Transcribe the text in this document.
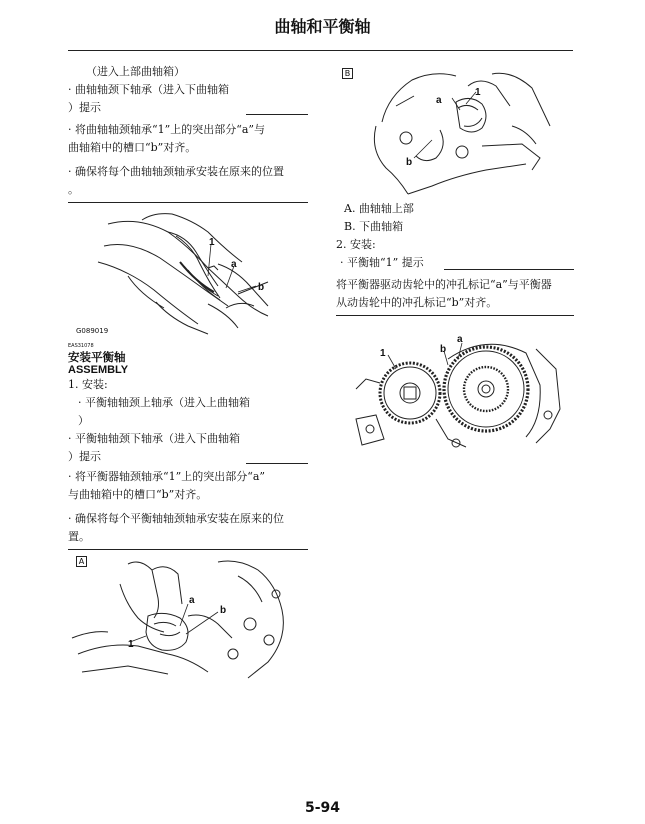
曲轴和平衡轴
（进入上部曲轴箱）
· 曲轴轴颈下轴承（进入下曲轴箱
）提示
· 将曲轴轴颈轴承“1”上的突出部分“a”与
曲轴箱中的槽口“b”对齐。
· 确保将每个曲轴轴颈轴承安装在原来的位置
。
1
a
b
G089019
EAS31078
安装平衡轴
ASSEMBLY
1. 安装:
· 平衡轴轴颈上轴承（进入上曲轴箱
）
· 平衡轴轴颈下轴承（进入下曲轴箱
）提示
· 将平衡器轴颈轴承“1”上的突出部分“a”
与曲轴箱中的槽口“b”对齐。
· 确保将每个平衡轴轴颈轴承安装在原来的位
置。
A
1
a
b
B
a
1
b
A. 曲轴轴上部
B. 下曲轴箱
2. 安装:
· 平衡轴“1” 提示
将平衡器驱动齿轮中的冲孔标记“a”与平衡器
从动齿轮中的冲孔标记“b”对齐。
1	b
a
5-94
